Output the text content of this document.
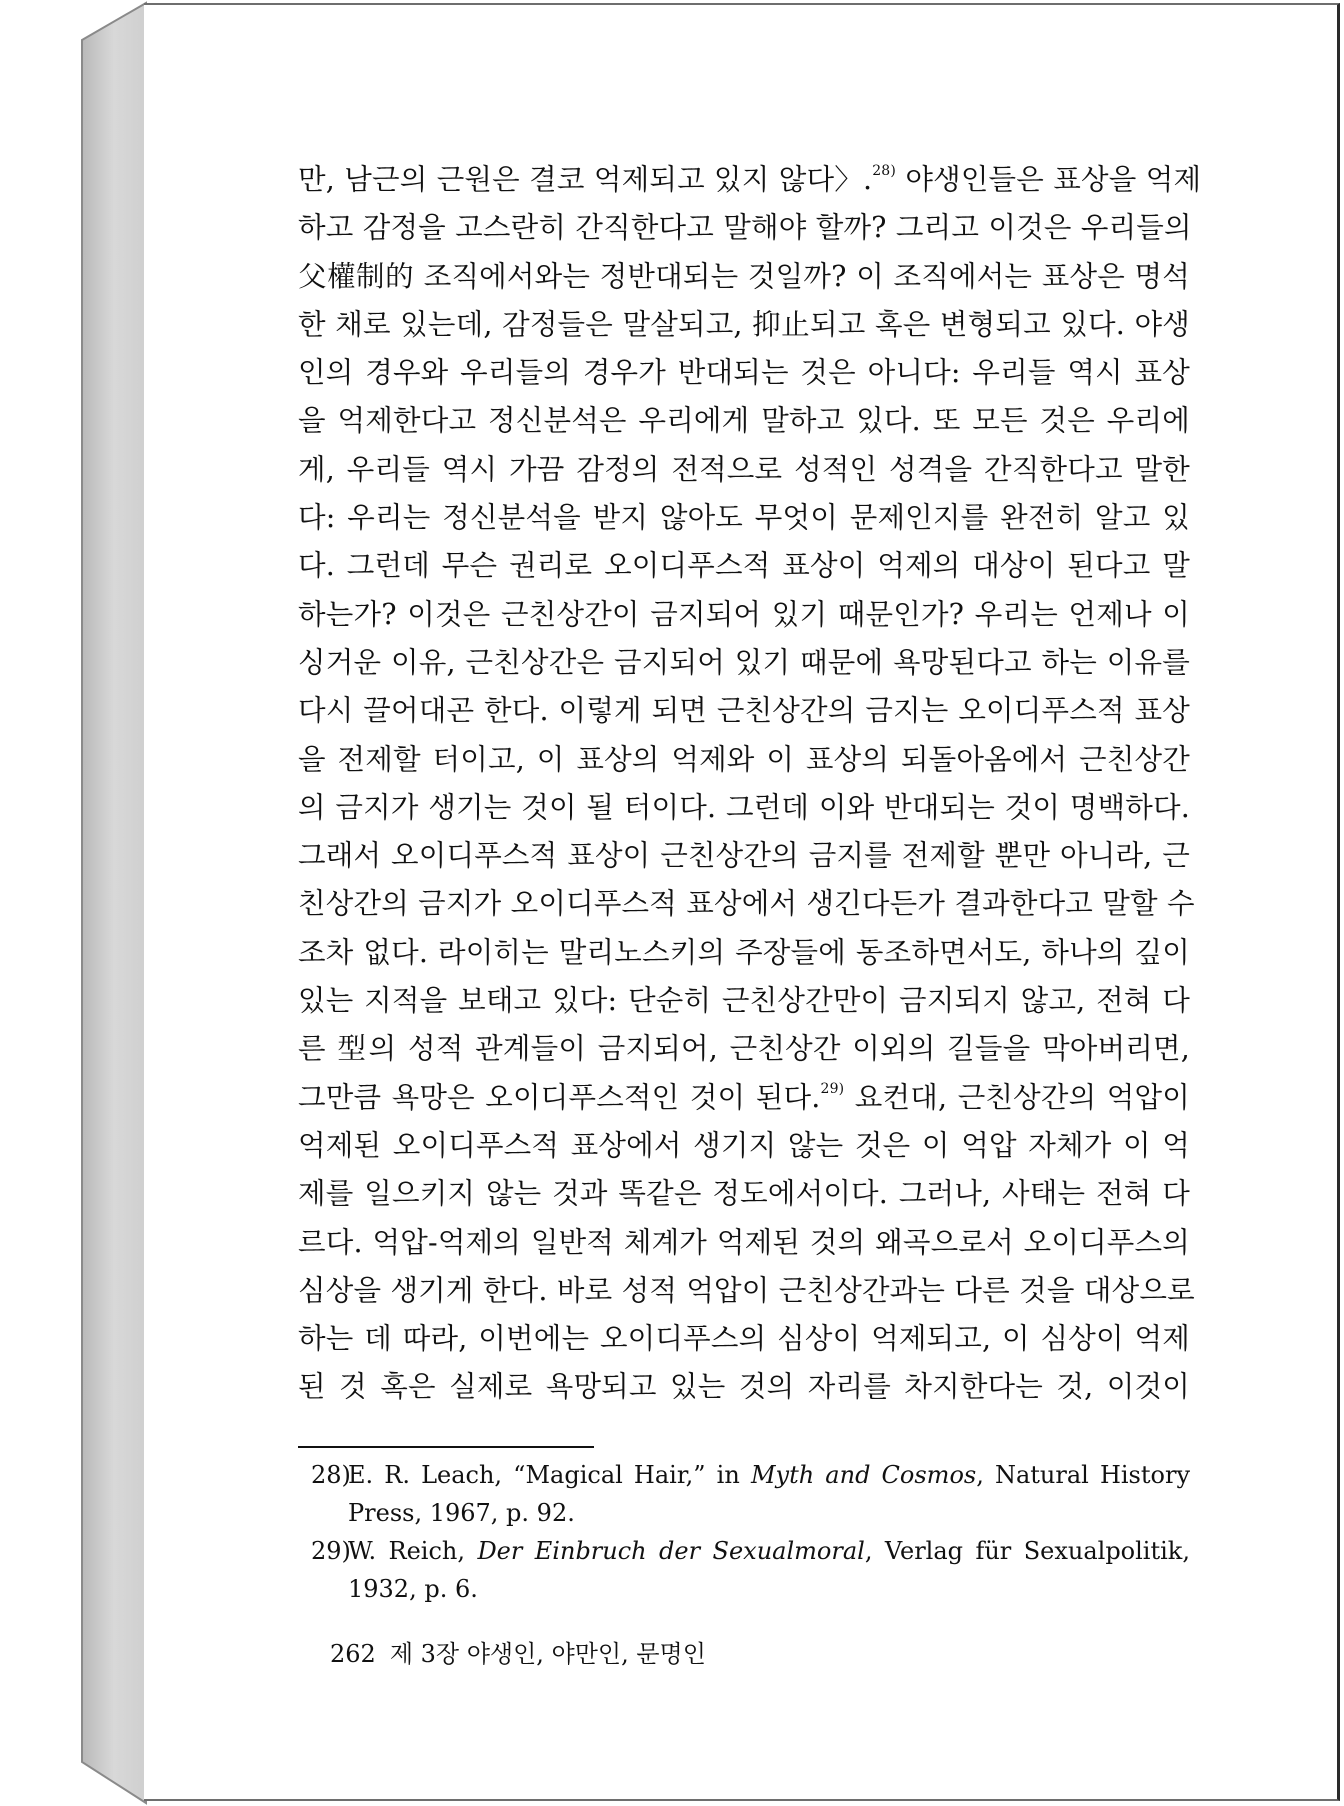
만, 남근의 근원은 결코 억제되고 있지 않다〉.$^{28)}$ 야생인들은 표상을 억제
하고 감정을 고스란히 간직한다고 말해야 할까? 그리고 이것은 우리들의
父權制的 조직에서와는 정반대되는 것일까? 이 조직에서는 표상은 명석
한 채로 있는데, 감정들은 말살되고, 抑止되고 혹은 변형되고 있다. 야생
인의 경우와 우리들의 경우가 반대되는 것은 아니다: 우리들 역시 표상
을 억제한다고 정신분석은 우리에게 말하고 있다. 또 모든 것은 우리에
게, 우리들 역시 가끔 감정의 전적으로 성적인 성격을 간직한다고 말한
다: 우리는 정신분석을 받지 않아도 무엇이 문제인지를 완전히 알고 있
다. 그런데 무슨 권리로 오이디푸스적 표상이 억제의 대상이 된다고 말
하는가? 이것은 근친상간이 금지되어 있기 때문인가? 우리는 언제나 이
싱거운 이유, 근친상간은 금지되어 있기 때문에 욕망된다고 하는 이유를
다시 끌어대곤 한다. 이렇게 되면 근친상간의 금지는 오이디푸스적 표상
을 전제할 터이고, 이 표상의 억제와 이 표상의 되돌아옴에서 근친상간
의 금지가 생기는 것이 될 터이다. 그런데 이와 반대되는 것이 명백하다.
그래서 오이디푸스적 표상이 근친상간의 금지를 전제할 뿐만 아니라, 근
친상간의 금지가 오이디푸스적 표상에서 생긴다든가 결과한다고 말할 수
조차 없다. 라이히는 말리노스키의 주장들에 동조하면서도, 하나의 깊이
있는 지적을 보태고 있다: 단순히 근친상간만이 금지되지 않고, 전혀 다
른 型의 성적 관계들이 금지되어, 근친상간 이외의 길들을 막아버리면,
그만큼 욕망은 오이디푸스적인 것이 된다.$^{29)}$ 요컨대, 근친상간의 억압이
억제된 오이디푸스적 표상에서 생기지 않는 것은 이 억압 자체가 이 억
제를 일으키지 않는 것과 똑같은 정도에서이다. 그러나, 사태는 전혀 다
르다. 억압-억제의 일반적 체계가 억제된 것의 왜곡으로서 오이디푸스의
심상을 생기게 한다. 바로 성적 억압이 근친상간과는 다른 것을 대상으로
하는 데 따라, 이번에는 오이디푸스의 심상이 억제되고, 이 심상이 억제
된 것 혹은 실제로 욕망되고 있는 것의 자리를 차지한다는 것, 이것이
28)
E. R. Leach, “Magical Hair,” in Myth and Cosmos, Natural History
Press, 1967, p. 92.
29)
W. Reich, Der Einbruch der Sexualmoral, Verlag für Sexualpolitik,
1932, p. 6.
262 제 3장 야생인, 야만인, 문명인
